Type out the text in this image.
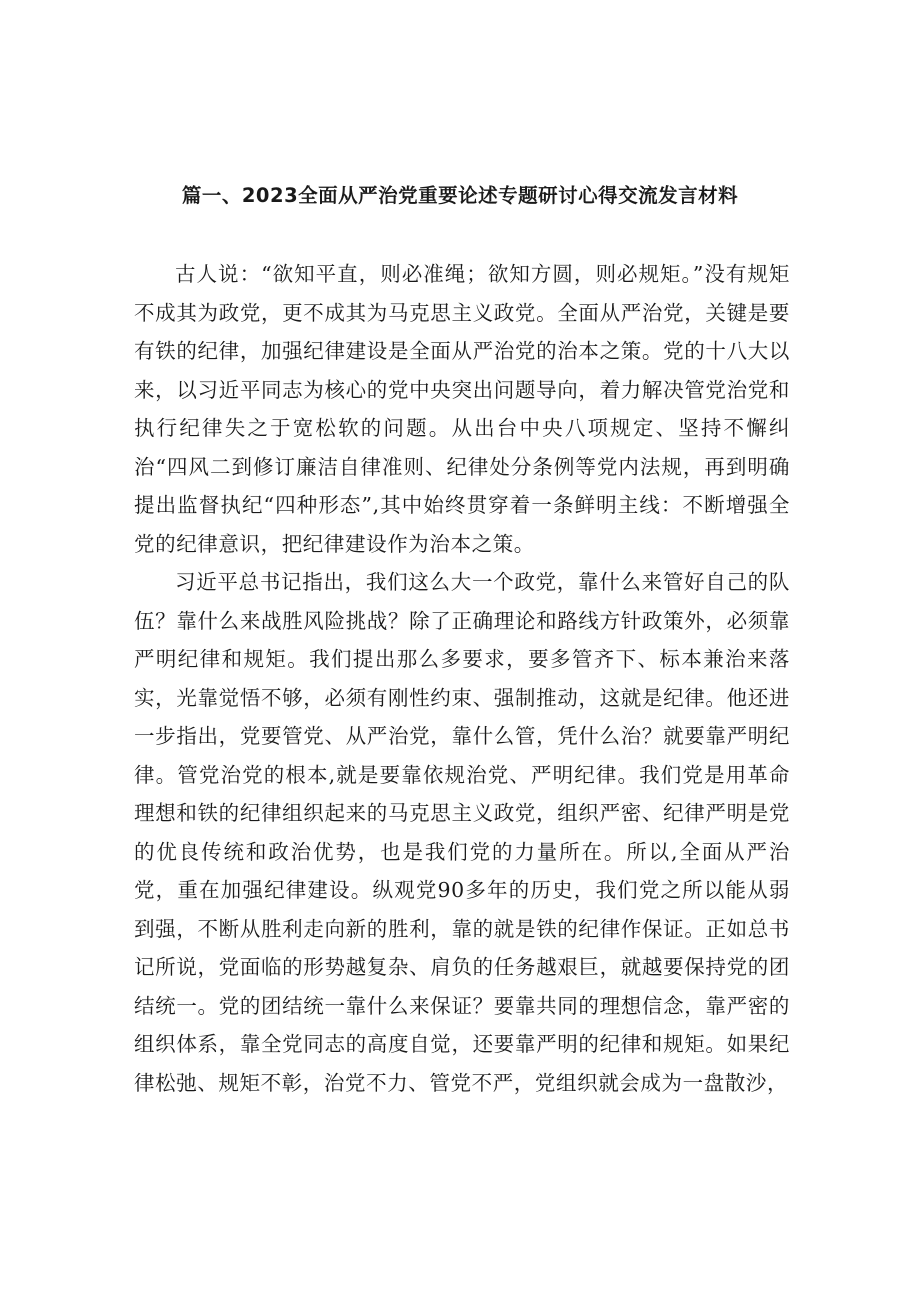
篇一、2023全面从严治党重要论述专题研讨心得交流发言材料

古人说：“欲知平直，则必准绳；欲知方圆，则必规矩。”没有规矩不成其为政党，更不成其为马克思主义政党。全面从严治党，关键是要有铁的纪律，加强纪律建设是全面从严治党的治本之策。党的十八大以来，以习近平同志为核心的党中央突出问题导向，着力解决管党治党和执行纪律失之于宽松软的问题。从出台中央八项规定、坚持不懈纠治“四风二到修订廉洁自律准则、纪律处分条例等党内法规，再到明确提出监督执纪“四种形态”,其中始终贯穿着一条鲜明主线：不断增强全党的纪律意识，把纪律建设作为治本之策。

习近平总书记指出，我们这么大一个政党，靠什么来管好自己的队伍？靠什么来战胜风险挑战？除了正确理论和路线方针政策外，必须靠严明纪律和规矩。我们提出那么多要求，要多管齐下、标本兼治来落实，光靠觉悟不够，必须有刚性约束、强制推动，这就是纪律。他还进一步指出，党要管党、从严治党，靠什么管，凭什么治？就要靠严明纪律。管党治党的根本,就是要靠依规治党、严明纪律。我们党是用革命理想和铁的纪律组织起来的马克思主义政党，组织严密、纪律严明是党的优良传统和政治优势，也是我们党的力量所在。所以,全面从严治党，重在加强纪律建设。纵观党90多年的历史，我们党之所以能从弱到强，不断从胜利走向新的胜利，靠的就是铁的纪律作保证。正如总书记所说，党面临的形势越复杂、肩负的任务越艰巨，就越要保持党的团结统一。党的团结统一靠什么来保证？要靠共同的理想信念，靠严密的组织体系，靠全党同志的高度自觉，还要靠严明的纪律和规矩。如果纪律松弛、规矩不彰，治党不力、管党不严，党组织就会成为一盘散沙，
